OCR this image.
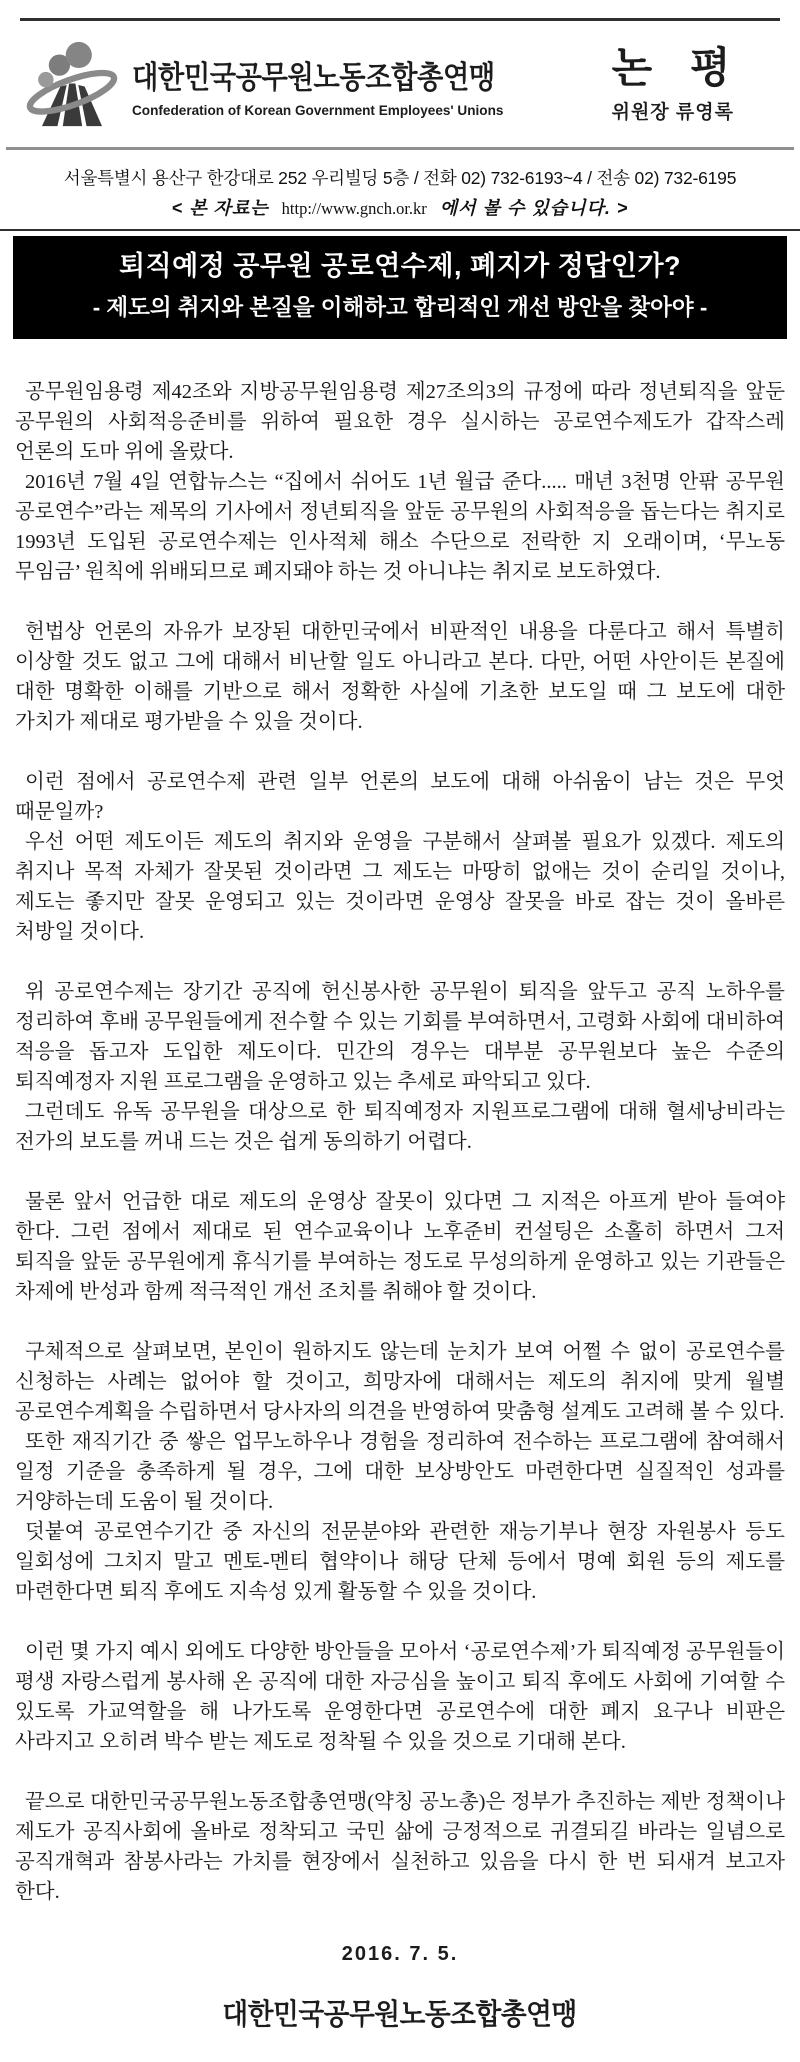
대한민국공무원노동조합총연맹
Confederation of Korean Government Employees' Unions
논 평
위원장 류영록
서울특별시 용산구 한강대로 252 우리빌딩 5층 / 전화 02) 732-6193~4 / 전송 02) 732-6195
< 본 자료는 http://www.gnch.or.kr 에서 볼 수 있습니다. >
퇴직예정 공무원 공로연수제, 폐지가 정답인가?
- 제도의 취지와 본질을 이해하고 합리적인 개선 방안을 찾아야 -

공무원임용령 제42조와 지방공무원임용령 제27조의3의 규정에 따라 정년퇴직을 앞둔 공무원의 사회적응준비를 위하여 필요한 경우 실시하는 공로연수제도가 갑작스레 언론의 도마 위에 올랐다.

2016년 7월 4일 연합뉴스는 “집에서 쉬어도 1년 월급 준다..... 매년 3천명 안팎 공무원 공로연수”라는 제목의 기사에서 정년퇴직을 앞둔 공무원의 사회적응을 돕는다는 취지로 1993년 도입된 공로연수제는 인사적체 해소 수단으로 전락한 지 오래이며, ‘무노동 무임금’ 원칙에 위배되므로 폐지돼야 하는 것 아니냐는 취지로 보도하였다.

헌법상 언론의 자유가 보장된 대한민국에서 비판적인 내용을 다룬다고 해서 특별히 이상할 것도 없고 그에 대해서 비난할 일도 아니라고 본다. 다만, 어떤 사안이든 본질에 대한 명확한 이해를 기반으로 해서 정확한 사실에 기초한 보도일 때 그 보도에 대한 가치가 제대로 평가받을 수 있을 것이다.

이런 점에서 공로연수제 관련 일부 언론의 보도에 대해 아쉬움이 남는 것은 무엇 때문일까?

우선 어떤 제도이든 제도의 취지와 운영을 구분해서 살펴볼 필요가 있겠다. 제도의 취지나 목적 자체가 잘못된 것이라면 그 제도는 마땅히 없애는 것이 순리일 것이나, 제도는 좋지만 잘못 운영되고 있는 것이라면 운영상 잘못을 바로 잡는 것이 올바른 처방일 것이다.

위 공로연수제는 장기간 공직에 헌신봉사한 공무원이 퇴직을 앞두고 공직 노하우를 정리하여 후배 공무원들에게 전수할 수 있는 기회를 부여하면서, 고령화 사회에 대비하여 적응을 돕고자 도입한 제도이다. 민간의 경우는 대부분 공무원보다 높은 수준의 퇴직예정자 지원 프로그램을 운영하고 있는 추세로 파악되고 있다.

그런데도 유독 공무원을 대상으로 한 퇴직예정자 지원프로그램에 대해 혈세낭비라는 전가의 보도를 꺼내 드는 것은 쉽게 동의하기 어렵다.

물론 앞서 언급한 대로 제도의 운영상 잘못이 있다면 그 지적은 아프게 받아 들여야 한다. 그런 점에서 제대로 된 연수교육이나 노후준비 컨설팅은 소홀히 하면서 그저 퇴직을 앞둔 공무원에게 휴식기를 부여하는 정도로 무성의하게 운영하고 있는 기관들은 차제에 반성과 함께 적극적인 개선 조치를 취해야 할 것이다.

구체적으로 살펴보면, 본인이 원하지도 않는데 눈치가 보여 어쩔 수 없이 공로연수를 신청하는 사례는 없어야 할 것이고, 희망자에 대해서는 제도의 취지에 맞게 월별 공로연수계획을 수립하면서 당사자의 의견을 반영하여 맞춤형 설계도 고려해 볼 수 있다.

또한 재직기간 중 쌓은 업무노하우나 경험을 정리하여 전수하는 프로그램에 참여해서 일정 기준을 충족하게 될 경우, 그에 대한 보상방안도 마련한다면 실질적인 성과를 거양하는데 도움이 될 것이다.

덧붙여 공로연수기간 중 자신의 전문분야와 관련한 재능기부나 현장 자원봉사 등도 일회성에 그치지 말고 멘토-멘티 협약이나 해당 단체 등에서 명예 회원 등의 제도를 마련한다면 퇴직 후에도 지속성 있게 활동할 수 있을 것이다.

이런 몇 가지 예시 외에도 다양한 방안들을 모아서 ‘공로연수제’가 퇴직예정 공무원들이 평생 자랑스럽게 봉사해 온 공직에 대한 자긍심을 높이고 퇴직 후에도 사회에 기여할 수 있도록 가교역할을 해 나가도록 운영한다면 공로연수에 대한 폐지 요구나 비판은 사라지고 오히려 박수 받는 제도로 정착될 수 있을 것으로 기대해 본다.

끝으로 대한민국공무원노동조합총연맹(약칭 공노총)은 정부가 추진하는 제반 정책이나 제도가 공직사회에 올바로 정착되고 국민 삶에 긍정적으로 귀결되길 바라는 일념으로 공직개혁과 참봉사라는 가치를 현장에서 실천하고 있음을 다시 한 번 되새겨 보고자 한다.

2016. 7. 5.
대한민국공무원노동조합총연맹
